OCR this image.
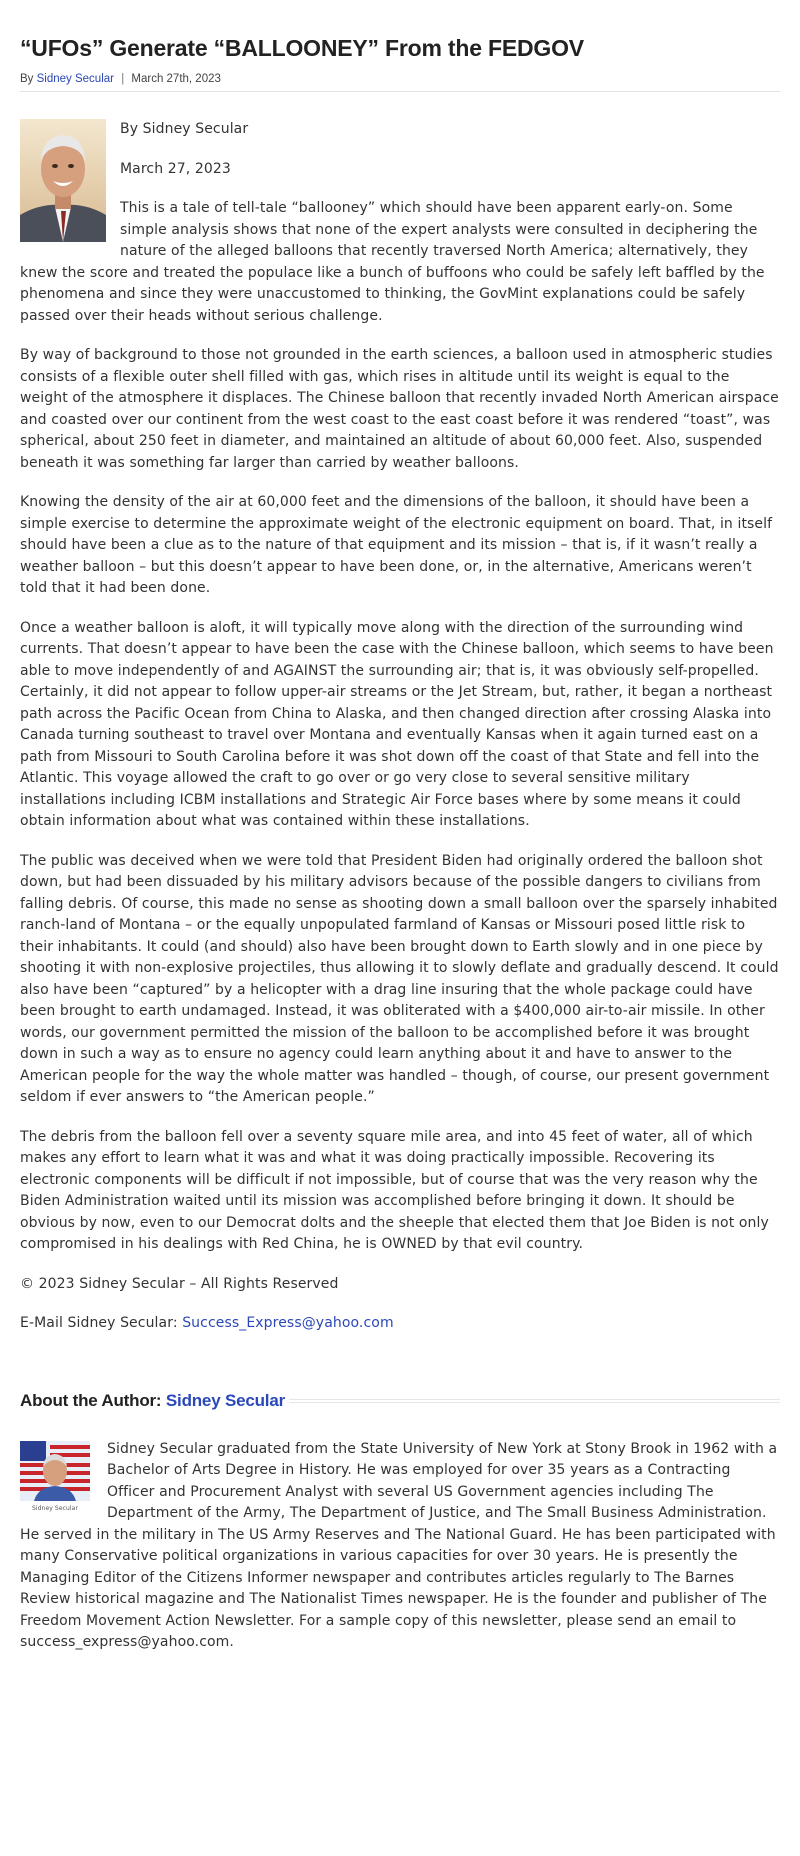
“UFOs” Generate “BALLOONEY” From the FEDGOV
By Sidney Secular | March 27th, 2023

By Sidney Secular

March 27, 2023

This is a tale of tell-tale “ballooney” which should have been apparent early-on. Some simple analysis shows that none of the expert analysts were consulted in deciphering the nature of the alleged balloons that recently traversed North America; alternatively, they knew the score and treated the populace like a bunch of buffoons who could be safely left baffled by the phenomena and since they were unaccustomed to thinking, the GovMint explanations could be safely passed over their heads without serious challenge.

By way of background to those not grounded in the earth sciences, a balloon used in atmospheric studies consists of a flexible outer shell filled with gas, which rises in altitude until its weight is equal to the weight of the atmosphere it displaces. The Chinese balloon that recently invaded North American airspace and coasted over our continent from the west coast to the east coast before it was rendered “toast”, was spherical, about 250 feet in diameter, and maintained an altitude of about 60,000 feet. Also, suspended beneath it was something far larger than carried by weather balloons.

Knowing the density of the air at 60,000 feet and the dimensions of the balloon, it should have been a simple exercise to determine the approximate weight of the electronic equipment on board. That, in itself should have been a clue as to the nature of that equipment and its mission – that is, if it wasn’t really a weather balloon – but this doesn’t appear to have been done, or, in the alternative, Americans weren’t told that it had been done.

Once a weather balloon is aloft, it will typically move along with the direction of the surrounding wind currents. That doesn’t appear to have been the case with the Chinese balloon, which seems to have been able to move independently of and AGAINST the surrounding air; that is, it was obviously self-propelled. Certainly, it did not appear to follow upper-air streams or the Jet Stream, but, rather, it began a northeast path across the Pacific Ocean from China to Alaska, and then changed direction after crossing Alaska into Canada turning southeast to travel over Montana and eventually Kansas when it again turned east on a path from Missouri to South Carolina before it was shot down off the coast of that State and fell into the Atlantic. This voyage allowed the craft to go over or go very close to several sensitive military installations including ICBM installations and Strategic Air Force bases where by some means it could obtain information about what was contained within these installations.

The public was deceived when we were told that President Biden had originally ordered the balloon shot down, but had been dissuaded by his military advisors because of the possible dangers to civilians from falling debris. Of course, this made no sense as shooting down a small balloon over the sparsely inhabited ranch-land of Montana – or the equally unpopulated farmland of Kansas or Missouri posed little risk to their inhabitants. It could (and should) also have been brought down to Earth slowly and in one piece by shooting it with non-explosive projectiles, thus allowing it to slowly deflate and gradually descend. It could also have been “captured” by a helicopter with a drag line insuring that the whole package could have been brought to earth undamaged. Instead, it was obliterated with a $400,000 air-to-air missile. In other words, our government permitted the mission of the balloon to be accomplished before it was brought down in such a way as to ensure no agency could learn anything about it and have to answer to the American people for the way the whole matter was handled – though, of course, our present government seldom if ever answers to “the American people.”

The debris from the balloon fell over a seventy square mile area, and into 45 feet of water, all of which makes any effort to learn what it was and what it was doing practically impossible. Recovering its electronic components will be difficult if not impossible, but of course that was the very reason why the Biden Administration waited until its mission was accomplished before bringing it down. It should be obvious by now, even to our Democrat dolts and the sheeple that elected them that Joe Biden is not only compromised in his dealings with Red China, he is OWNED by that evil country.

© 2023 Sidney Secular – All Rights Reserved

E-Mail Sidney Secular: Success_Express@yahoo.com

About the Author: Sidney Secular
Sidney Secular
Sidney Secular graduated from the State University of New York at Stony Brook in 1962 with a Bachelor of Arts Degree in History. He was employed for over 35 years as a Contracting Officer and Procurement Analyst with several US Government agencies including The Department of the Army, The Department of Justice, and The Small Business Administration. He served in the military in The US Army Reserves and The National Guard. He has been participated with many Conservative political organizations in various capacities for over 30 years. He is presently the Managing Editor of the Citizens Informer newspaper and contributes articles regularly to The Barnes Review historical magazine and The Nationalist Times newspaper. He is the founder and publisher of The Freedom Movement Action Newsletter. For a sample copy of this newsletter, please send an email to success_express@yahoo.com.
